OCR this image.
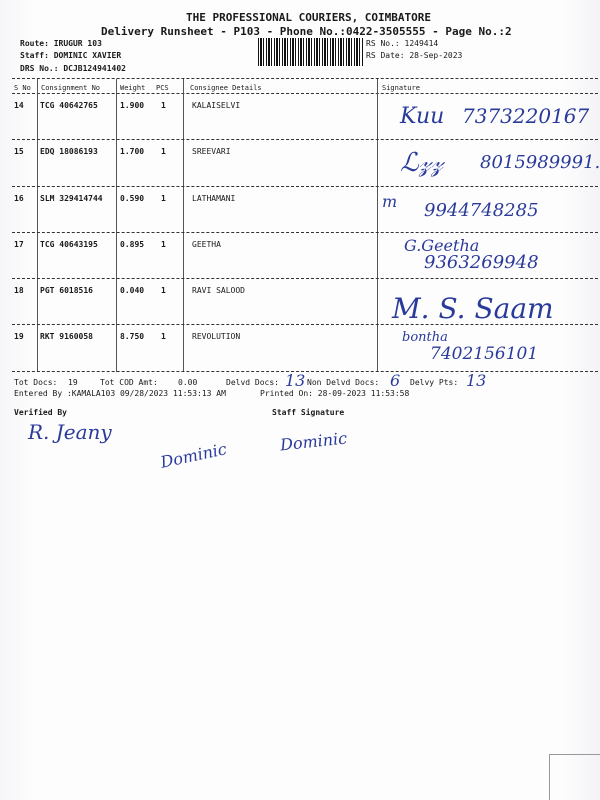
THE PROFESSIONAL COURIERS, COIMBATORE
Delivery Runsheet - P103 - Phone No.:0422-3505555 - Page No.:2
Route: IRUGUR 103
Staff: DOMINIC XAVIER
DRS No.: DCJB124941402
RS No.: 1249414
RS Date: 28-Sep-2023
S No Consignment No	Weight PCS	Consignee Details	Signature
14 TCG 40642765	1.900 1	KALAISELVI	Kuu 7373220167
15 EDQ 18086193	1.700 1	SREEVARI	ℒ𝓏𝓏 8015989991.
16 SLM 329414744 0.590 1	LATHAMANI	m 9944748285
17 TCG 40643195	0.895 1	GEETHA	G.Geetha
9363269948
18 PGT 6018516	0.040 1	RAVI SALOOD
M. S. Saam
19 RKT 9160058	8.750 1	REVOLUTION	bontha
7402156101
Tot Docs: 19	Tot COD Amt:	0.00	Delvd Docs: 13 Non Delvd Docs: 6 Delvy Pts: 13
Entered By :KAMALA103 09/28/2023 11:53:13 AM	Printed On: 28-09-2023 11:53:58
Verified By	Staff Signature
R. Jeany
Dominic	Dominic
